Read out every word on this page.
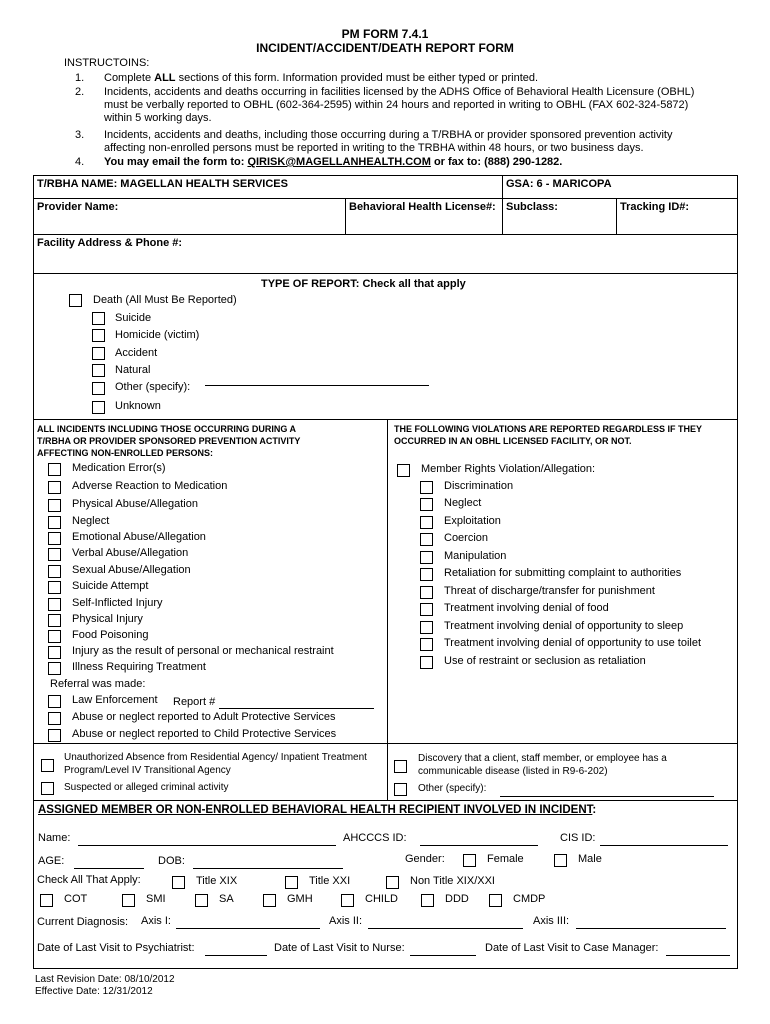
PM FORM 7.4.1
INCIDENT/ACCIDENT/DEATH REPORT FORM
INSTRUCTOINS:
1. Complete ALL sections of this form. Information provided must be either typed or printed.
2. Incidents, accidents and deaths occurring in facilities licensed by the ADHS Office of Behavioral Health Licensure (OBHL)
must be verbally reported to OBHL (602-364-2595) within 24 hours and reported in writing to OBHL (FAX 602-324-5872)
within 5 working days.
3. Incidents, accidents and deaths, including those occurring during a T/RBHA or provider sponsored prevention activity
affecting non-enrolled persons must be reported in writing to the TRBHA within 48 hours, or two business days.
4. You may email the form to: QIRISK@MAGELLANHEALTH.COM or fax to: (888) 290-1282.
T/RBHA NAME: MAGELLAN HEALTH SERVICES	GSA: 6 - MARICOPA
Provider Name:	Behavioral Health License#: Subclass:	Tracking ID#:
Facility Address & Phone #:
TYPE OF REPORT: Check all that apply
Death (All Must Be Reported)
Suicide
Homicide (victim)
Accident
Natural
Other (specify):
Unknown
ALL INCIDENTS INCLUDING THOSE OCCURRING DURING A
T/RBHA OR PROVIDER SPONSORED PREVENTION ACTIVITY
AFFECTING NON-ENROLLED PERSONS:
Medication Error(s)
Adverse Reaction to Medication
Physical Abuse/Allegation
Neglect
Emotional Abuse/Allegation
Verbal Abuse/Allegation
Sexual Abuse/Allegation
Suicide Attempt
Self-Inflicted Injury
Physical Injury
Food Poisoning
Injury as the result of personal or mechanical restraint
Illness Requiring Treatment
Referral was made:
Law Enforcement Report #
Abuse or neglect reported to Adult Protective Services
Abuse or neglect reported to Child Protective Services
THE FOLLOWING VIOLATIONS ARE REPORTED REGARDLESS IF THEY
OCCURRED IN AN OBHL LICENSED FACILITY, OR NOT.
Member Rights Violation/Allegation:
Discrimination
Neglect
Exploitation
Coercion
Manipulation
Retaliation for submitting complaint to authorities
Threat of discharge/transfer for punishment
Treatment involving denial of food
Treatment involving denial of opportunity to sleep
Treatment involving denial of opportunity to use toilet
Use of restraint or seclusion as retaliation
Unauthorized Absence from Residential Agency/ Inpatient Treatment
Program/Level IV Transitional Agency
Suspected or alleged criminal activity
Discovery that a client, staff member, or employee has a
communicable disease (listed in R9-6-202)
Other (specify):
ASSIGNED MEMBER OR NON-ENROLLED BEHAVIORAL HEALTH RECIPIENT INVOLVED IN INCIDENT:
Name:	AHCCCS ID:	CIS ID:
AGE:	DOB:	Gender:	Female	Male
Check All That Apply:	Title XIX	Title XXI	Non Title XIX/XXI
COT	SMI	SA	GMH	CHILD	DDD	CMDP
Current Diagnosis: Axis I:	Axis II:	Axis III:
Date of Last Visit to Psychiatrist:	Date of Last Visit to Nurse:	Date of Last Visit to Case Manager:
Last Revision Date: 08/10/2012
Effective Date: 12/31/2012
